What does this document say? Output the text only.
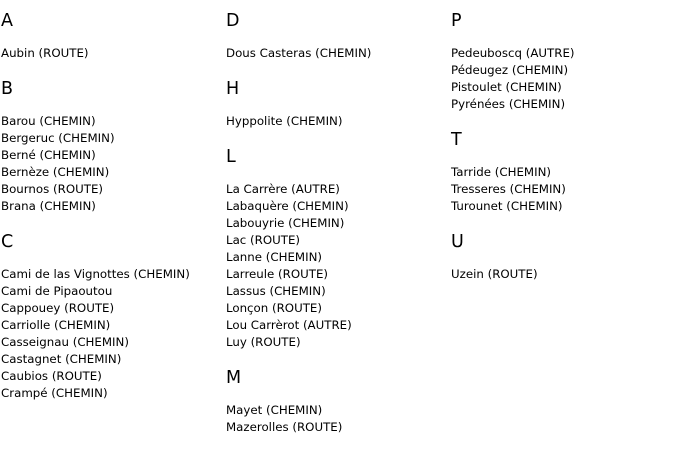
A
Aubin (ROUTE)
B
Barou (CHEMIN)
Bergeruc (CHEMIN)
Berné (CHEMIN)
Bernèze (CHEMIN)
Bournos (ROUTE)
Brana (CHEMIN)
C
Cami de las Vignottes (CHEMIN)
Cami de Pipaoutou
Cappouey (ROUTE)
Carriolle (CHEMIN)
Casseignau (CHEMIN)
Castagnet (CHEMIN)
Caubios (ROUTE)
Crampé (CHEMIN)
D
Dous Casteras (CHEMIN)
H
Hyppolite (CHEMIN)
L
La Carrère (AUTRE)
Labaquère (CHEMIN)
Labouyrie (CHEMIN)
Lac (ROUTE)
Lanne (CHEMIN)
Larreule (ROUTE)
Lassus (CHEMIN)
Lonçon (ROUTE)
Lou Carrèrot (AUTRE)
Luy (ROUTE)
M
Mayet (CHEMIN)
Mazerolles (ROUTE)
P
Pedeuboscq (AUTRE)
Pédeugez (CHEMIN)
Pistoulet (CHEMIN)
Pyrénées (CHEMIN)
T
Tarride (CHEMIN)
Tresseres (CHEMIN)
Turounet (CHEMIN)
U
Uzein (ROUTE)
